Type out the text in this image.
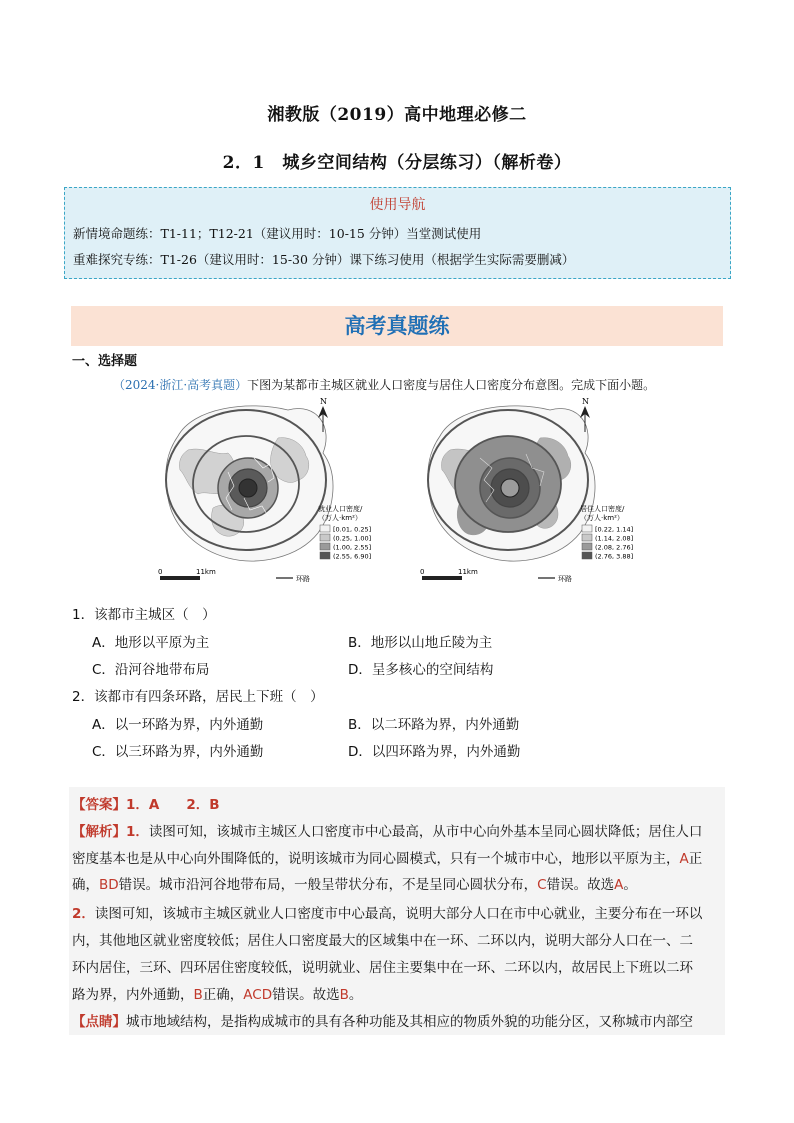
湘教版（2019）高中地理必修二
2．1　城乡空间结构（分层练习）（解析卷）
使用导航
新情境命题练：T1-11；T12-21（建议用时：10-15 分钟）当堂测试使用
重难探究专练：T1-26（建议用时：15-30 分钟）课下练习使用（根据学生实际需要删减）
高考真题练
一、选择题
（2024·浙江·高考真题）下图为某都市主城区就业人口密度与居住人口密度分布意图。完成下面小题。
N
就业人口密度/
（万人·km²）
[0.01, 0.25]
(0.25, 1.00]
(1.00, 2.55]
(2.55, 6.90]
0	11km
环路
N
居住人口密度/
（万人·km²）
[0.22, 1.14]
(1.14, 2.08]
(2.08, 2.76]
(2.76, 3.88]
0	11km
环路
1．该都市主城区（　）
A．地形以平原为主	B．地形以山地丘陵为主
C．沿河谷地带布局	D．呈多核心的空间结构
2．该都市有四条环路，居民上下班（　）
A．以一环路为界，内外通勤	B．以二环路为界，内外通勤
C．以三环路为界，内外通勤	D．以四环路为界，内外通勤
【答案】1．A　　2．B
【解析】1．读图可知，该城市主城区人口密度市中心最高，从市中心向外基本呈同心圆状降低；居住人口
密度基本也是从中心向外围降低的，说明该城市为同心圆模式，只有一个城市中心，地形以平原为主，A正
确，BD错误。城市沿河谷地带布局，一般呈带状分布，不是呈同心圆状分布，C错误。故选A。
2．读图可知，该城市主城区就业人口密度市中心最高，说明大部分人口在市中心就业，主要分布在一环以
内，其他地区就业密度较低；居住人口密度最大的区域集中在一环、二环以内，说明大部分人口在一、二
环内居住，三环、四环居住密度较低，说明就业、居住主要集中在一环、二环以内，故居民上下班以二环
路为界，内外通勤，B正确，ACD错误。故选B。
【点睛】城市地域结构，是指构成城市的具有各种功能及其相应的物质外貌的功能分区，又称城市内部空
